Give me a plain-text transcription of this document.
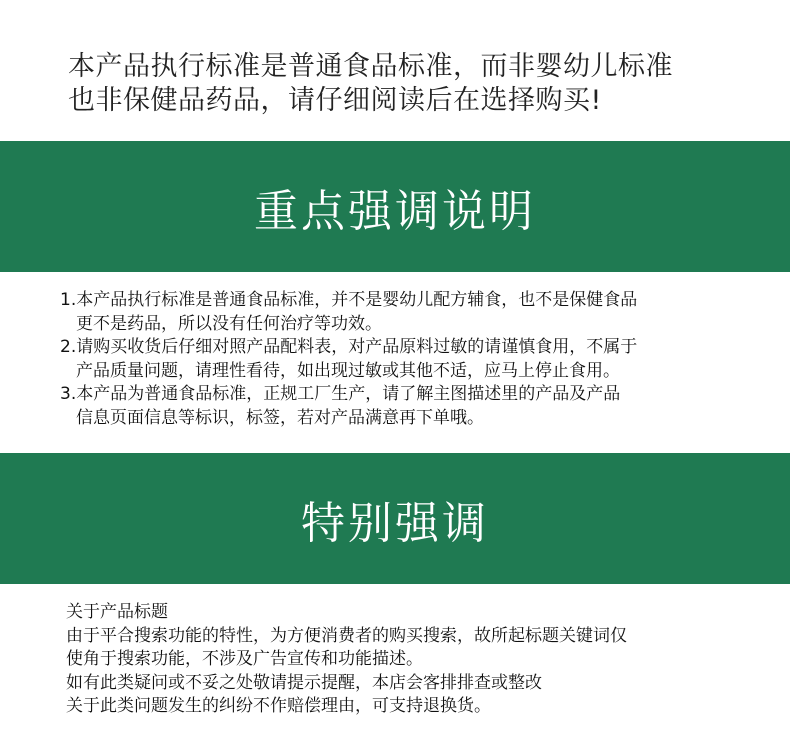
本产品执行标准是普通食品标准，而非婴幼儿标准
也非保健品药品，请仔细阅读后在选择购买!
重点强调说明
1.本产品执行标准是普通食品标准，并不是婴幼儿配方辅食，也不是保健食品
更不是药品，所以没有任何治疗等功效。
2.请购买收货后仔细对照产品配料表，对产品原料过敏的请谨慎食用，不属于
产品质量问题，请理性看待，如出现过敏或其他不适，应马上停止食用。
3.本产品为普通食品标准，正规工厂生产，请了解主图描述里的产品及产品
信息页面信息等标识，标签，若对产品满意再下单哦。
特别强调
关于产品标题
由于平合搜索功能的特性，为方便消费者的购买搜索，故所起标题关键词仅
使角于搜索功能，不涉及广告宣传和功能描述。
如有此类疑问或不妥之处敬请提示提醒，本店会客排排查或整改
关于此类问题发生的纠纷不作赔偿理由，可支持退换货。
